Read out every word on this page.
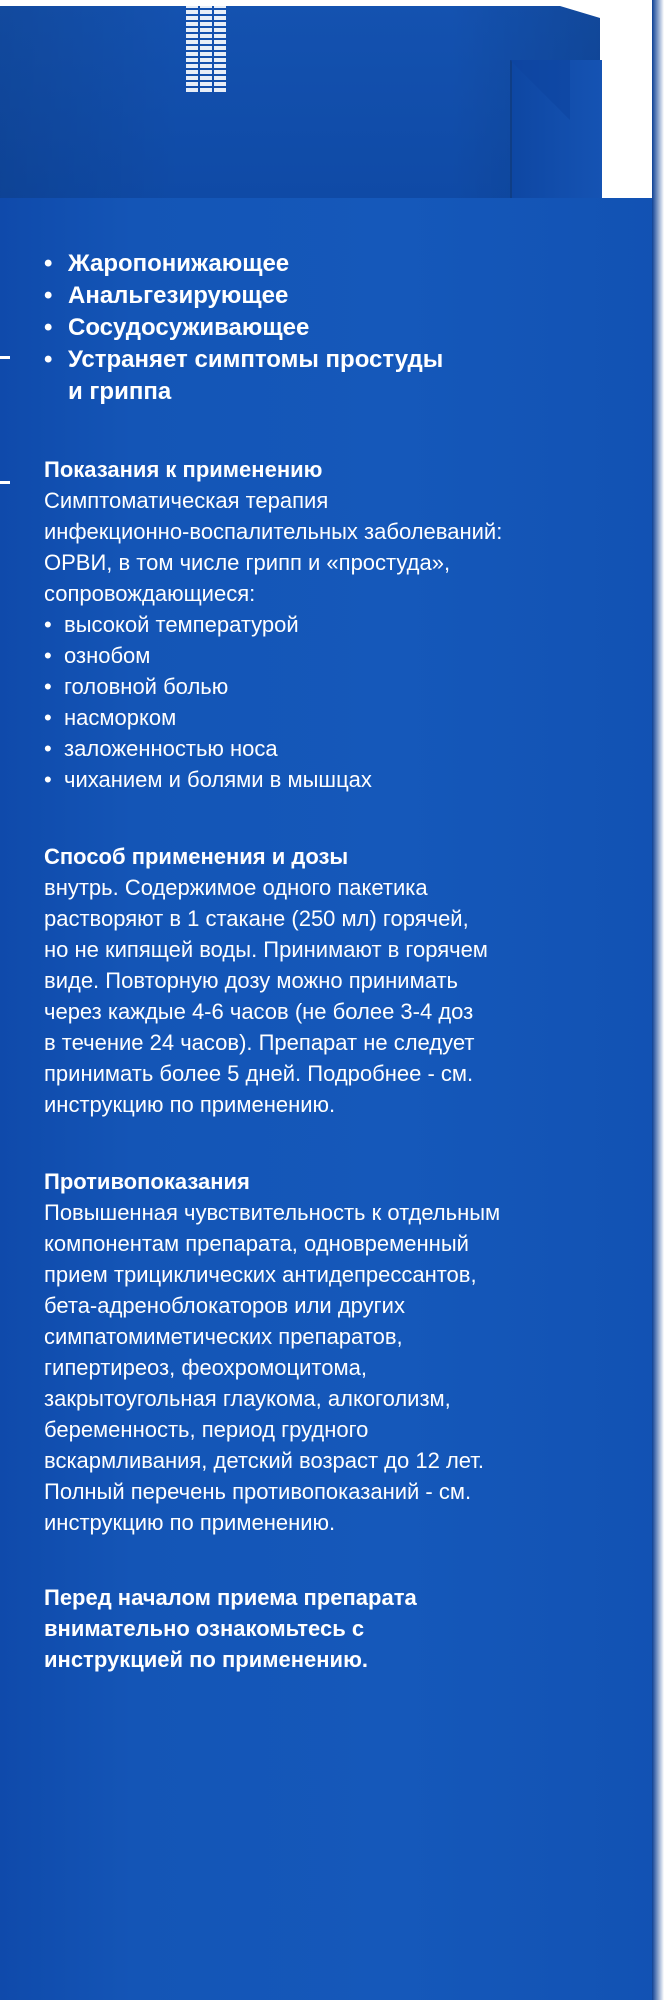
• Жаропонижающее
• Анальгезирующее
• Сосудосуживающее
• Устраняет симптомы простуды
и гриппа

Показания к применению

Симптоматическая терапия
инфекционно-воспалительных заболеваний:
ОРВИ, в том числе грипп и «простуда»,
сопровождающиеся:

• высокой температурой
• ознобом
• головной болью
• насморком
• заложенностью носа
• чиханием и болями в мышцах

Способ применения и дозы

внутрь. Содержимое одного пакетика
растворяют в 1 стакане (250 мл) горячей,
но не кипящей воды. Принимают в горячем
виде. Повторную дозу можно принимать
через каждые 4-6 часов (не более 3-4 доз
в течение 24 часов). Препарат не следует
принимать более 5 дней. Подробнее - см.
инструкцию по применению.

Противопоказания

Повышенная чувствительность к отдельным
компонентам препарата, одновременный
прием трициклических антидепрессантов,
бета-адреноблокаторов или других
симпатомиметических препаратов,
гипертиреоз, феохромоцитома,
закрытоугольная глаукома, алкоголизм,
беременность, период грудного
вскармливания, детский возраст до 12 лет.
Полный перечень противопоказаний - см.
инструкцию по применению.

Перед началом приема препарата
внимательно ознакомьтесь с
инструкцией по применению.
